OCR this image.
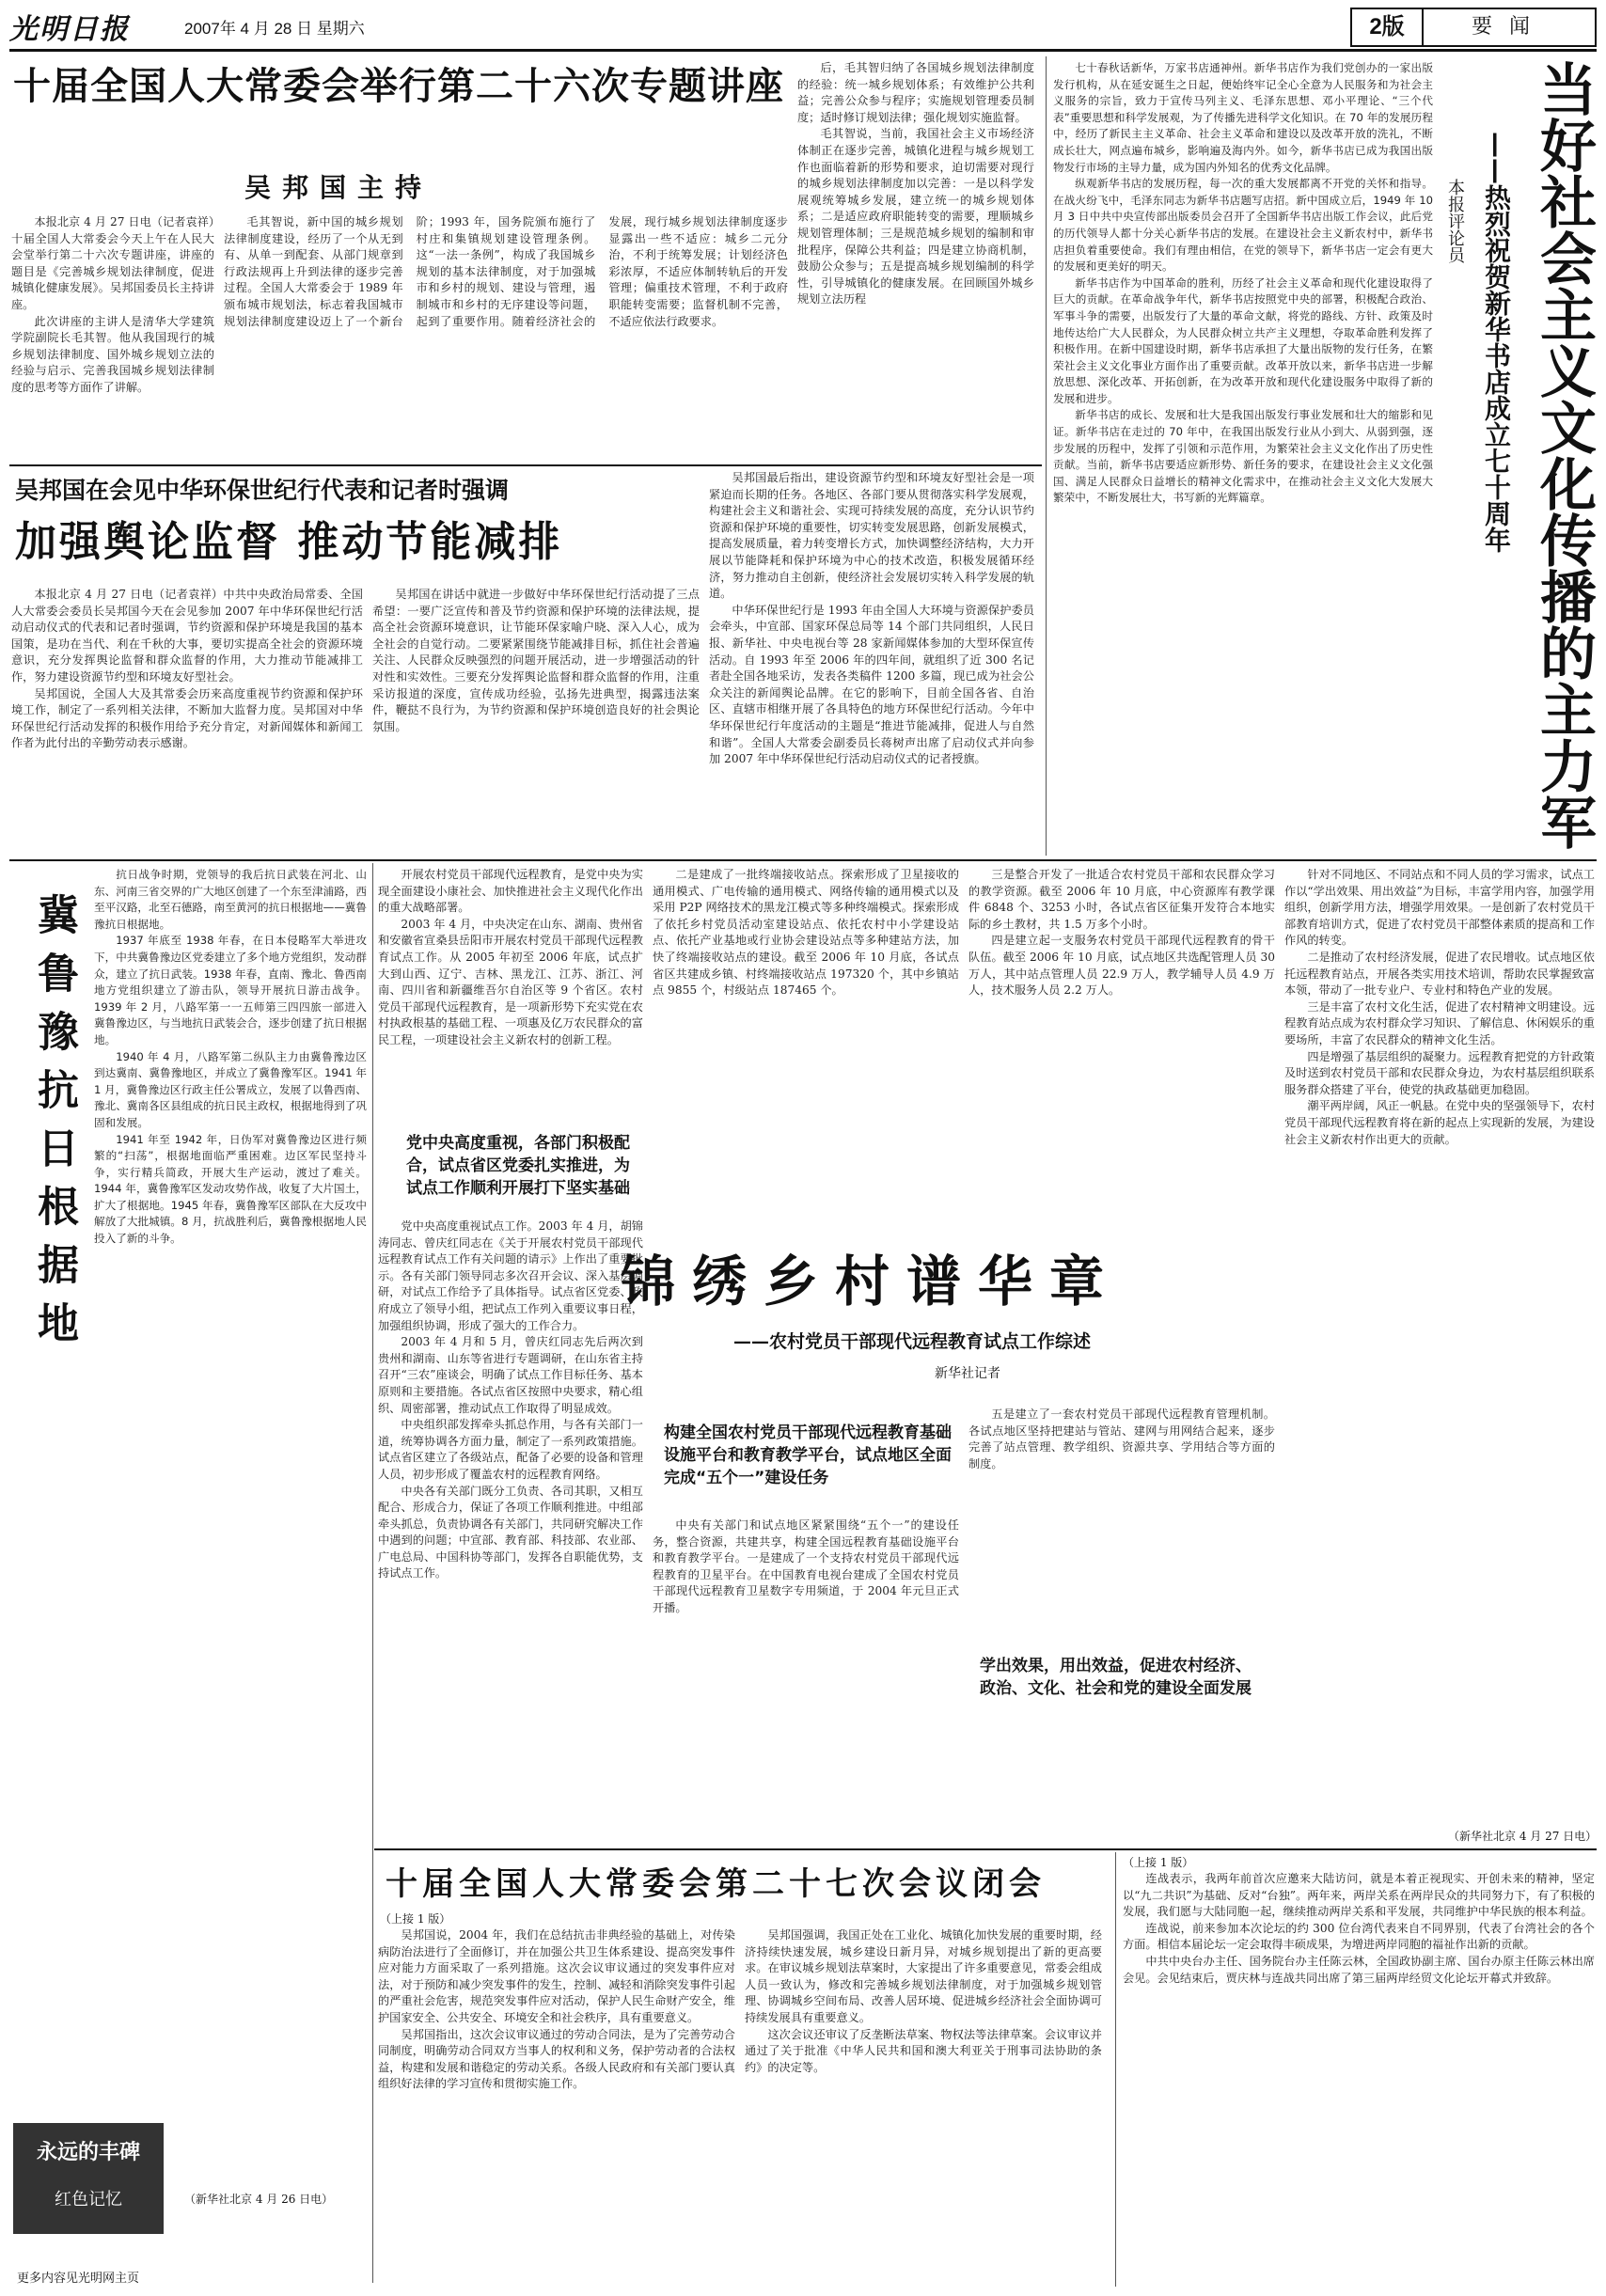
光明日报	2007年 4 月 28 日 星期六	2版	要闻
十届全国人大常委会举行第二十六次专题讲座
吴邦国主持

本报北京 4 月 27 日电（记者袁祥）十届全国人大常委会今天上午在人民大会堂举行第二十六次专题讲座，讲座的题目是《完善城乡规划法律制度，促进城镇化健康发展》。吴邦国委员长主持讲座。

此次讲座的主讲人是清华大学建筑学院副院长毛其智。他从我国现行的城乡规划法律制度、国外城乡规划立法的经验与启示、完善我国城乡规划法律制度的思考等方面作了讲解。

毛其智说，新中国的城乡规划法律制度建设，经历了一个从无到有、从单一到配套、从部门规章到行政法规再上升到法律的逐步完善过程。全国人大常委会于 1989 年颁布城市规划法，标志着我国城市规划法律制度建设迈上了一个新台阶；1993 年，国务院颁布施行了村庄和集镇规划建设管理条例。这“一法一条例”，构成了我国城乡规划的基本法律制度，对于加强城市和乡村的规划、建设与管理，遏制城市和乡村的无序建设等问题，起到了重要作用。随着经济社会的发展，现行城乡规划法律制度逐步显露出一些不适应：城乡二元分治，不利于统筹发展；计划经济色彩浓厚，不适应体制转轨后的开发管理；偏重技术管理，不利于政府职能转变需要；监督机制不完善，不适应依法行政要求。

后，毛其智归纳了各国城乡规划法律制度的经验：统一城乡规划体系；有效维护公共利益；完善公众参与程序；实施规划管理委员制度；适时修订规划法律；强化规划实施监督。

毛其智说，当前，我国社会主义市场经济体制正在逐步完善，城镇化进程与城乡规划工作也面临着新的形势和要求，迫切需要对现行的城乡规划法律制度加以完善：一是以科学发展观统筹城乡发展，建立统一的城乡规划体系；二是适应政府职能转变的需要，理顺城乡规划管理体制；三是规范城乡规划的编制和审批程序，保障公共利益；四是建立协商机制，鼓励公众参与；五是提高城乡规划编制的科学性，引导城镇化的健康发展。在回顾国外城乡规划立法历程

吴邦国在会见中华环保世纪行代表和记者时强调
加强舆论监督 推动节能减排

本报北京 4 月 27 日电（记者袁祥）中共中央政治局常委、全国人大常委会委员长吴邦国今天在会见参加 2007 年中华环保世纪行活动启动仪式的代表和记者时强调，节约资源和保护环境是我国的基本国策，是功在当代、利在千秋的大事，要切实提高全社会的资源环境意识，充分发挥舆论监督和群众监督的作用，大力推动节能减排工作，努力建设资源节约型和环境友好型社会。

吴邦国说，全国人大及其常委会历来高度重视节约资源和保护环境工作，制定了一系列相关法律，不断加大监督力度。吴邦国对中华环保世纪行活动发挥的积极作用给予充分肯定，对新闻媒体和新闻工作者为此付出的辛勤劳动表示感谢。

吴邦国在讲话中就进一步做好中华环保世纪行活动提了三点希望：一要广泛宣传和普及节约资源和保护环境的法律法规，提高全社会资源环境意识，让节能环保家喻户晓、深入人心，成为全社会的自觉行动。二要紧紧围绕节能减排目标，抓住社会普遍关注、人民群众反映强烈的问题开展活动，进一步增强活动的针对性和实效性。三要充分发挥舆论监督和群众监督的作用，注重采访报道的深度，宣传成功经验，弘扬先进典型，揭露违法案件，鞭挞不良行为，为节约资源和保护环境创造良好的社会舆论氛围。

吴邦国最后指出，建设资源节约型和环境友好型社会是一项紧迫而长期的任务。各地区、各部门要从贯彻落实科学发展观，构建社会主义和谐社会、实现可持续发展的高度，充分认识节约资源和保护环境的重要性，切实转变发展思路，创新发展模式，提高发展质量，着力转变增长方式，加快调整经济结构，大力开展以节能降耗和保护环境为中心的技术改造，积极发展循环经济，努力推动自主创新，使经济社会发展切实转入科学发展的轨道。

中华环保世纪行是 1993 年由全国人大环境与资源保护委员会牵头，中宣部、国家环保总局等 14 个部门共同组织，人民日报、新华社、中央电视台等 28 家新闻媒体参加的大型环保宣传活动。自 1993 年至 2006 年的四年间，就组织了近 300 名记者赴全国各地采访，发表各类稿件 1200 多篇，现已成为社会公众关注的新闻舆论品牌。在它的影响下，目前全国各省、自治区、直辖市相继开展了各具特色的地方环保世纪行活动。今年中华环保世纪行年度活动的主题是“推进节能减排，促进人与自然和谐”。全国人大常委会副委员长蒋树声出席了启动仪式并向参加 2007 年中华环保世纪行活动启动仪式的记者授旗。

七十春秋话新华，万家书店通神州。新华书店作为我们党创办的一家出版发行机构，从在延安诞生之日起，便始终牢记全心全意为人民服务和为社会主义服务的宗旨，致力于宣传马列主义、毛泽东思想、邓小平理论、“三个代表”重要思想和科学发展观，为了传播先进科学文化知识。在 70 年的发展历程中，经历了新民主主义革命、社会主义革命和建设以及改革开放的洗礼，不断成长壮大，网点遍布城乡，影响遍及海内外。如今，新华书店已成为我国出版物发行市场的主导力量，成为国内外知名的优秀文化品牌。

纵观新华书店的发展历程，每一次的重大发展都离不开党的关怀和指导。在战火纷飞中，毛泽东同志为新华书店题写店招。新中国成立后，1949 年 10 月 3 日中共中央宣传部出版委员会召开了全国新华书店出版工作会议，此后党的历代领导人都十分关心新华书店的发展。在建设社会主义新农村中，新华书店担负着重要使命。我们有理由相信，在党的领导下，新华书店一定会有更大的发展和更美好的明天。

新华书店作为中国革命的胜利，历经了社会主义革命和现代化建设取得了巨大的贡献。在革命战争年代，新华书店按照党中央的部署，积极配合政治、军事斗争的需要，出版发行了大量的革命文献，将党的路线、方针、政策及时地传达给广大人民群众，为人民群众树立共产主义理想，夺取革命胜利发挥了积极作用。在新中国建设时期，新华书店承担了大量出版物的发行任务，在繁荣社会主义文化事业方面作出了重要贡献。改革开放以来，新华书店进一步解放思想、深化改革、开拓创新，在为改革开放和现代化建设服务中取得了新的发展和进步。

新华书店的成长、发展和壮大是我国出版发行事业发展和壮大的缩影和见证。新华书店在走过的 70 年中，在我国出版发行业从小到大、从弱到强，逐步发展的历程中，发挥了引领和示范作用，为繁荣社会主义文化作出了历史性贡献。当前，新华书店要适应新形势、新任务的要求，在建设社会主义文化强国、满足人民群众日益增长的精神文化需求中，在推动社会主义文化大发展大繁荣中，不断发展壮大，书写新的光辉篇章。	当好社会主义文化传播的主力军
——热烈祝贺新华书店成立七十周年
本报评论员
冀鲁豫抗日根据地

抗日战争时期，党领导的我后抗日武装在河北、山东、河南三省交界的广大地区创建了一个东至津浦路，西至平汉路，北至石德路，南至黄河的抗日根据地——冀鲁豫抗日根据地。

1937 年底至 1938 年春，在日本侵略军大举进攻下，中共冀鲁豫边区党委建立了多个地方党组织，发动群众，建立了抗日武装。1938 年春，直南、豫北、鲁西南地方党组织建立了游击队，领导开展抗日游击战争。1939 年 2 月，八路军第一一五师第三四四旅一部进入冀鲁豫边区，与当地抗日武装会合，逐步创建了抗日根据地。

1940 年 4 月，八路军第二纵队主力由冀鲁豫边区到达冀南、冀鲁豫地区，并成立了冀鲁豫军区。1941 年 1 月，冀鲁豫边区行政主任公署成立，发展了以鲁西南、豫北、冀南各区县组成的抗日民主政权，根据地得到了巩固和发展。

1941 年至 1942 年，日伪军对冀鲁豫边区进行频繁的“扫荡”，根据地面临严重困难。边区军民坚持斗争，实行精兵简政，开展大生产运动，渡过了难关。1944 年，冀鲁豫军区发动攻势作战，收复了大片国土，扩大了根据地。1945 年春，冀鲁豫军区部队在大反攻中解放了大批城镇。8 月，抗战胜利后，冀鲁豫根据地人民投入了新的斗争。

（新华社北京 4 月 26 日电）
永远的丰碑
红色记忆
更多内容见光明网主页

开展农村党员干部现代远程教育，是党中央为实现全面建设小康社会、加快推进社会主义现代化作出的重大战略部署。

2003 年 4 月，中央决定在山东、湖南、贵州省和安徽省宣桑县岳阳市开展农村党员干部现代远程教育试点工作。从 2005 年初至 2006 年底，试点扩大到山西、辽宁、吉林、黑龙江、江苏、浙江、河南、四川省和新疆维吾尔自治区等 9 个省区。农村党员干部现代远程教育，是一项新形势下充实党在农村执政根基的基础工程、一项惠及亿万农民群众的富民工程，一项建设社会主义新农村的创新工程。

党中央高度重视，各部门积极配合，试点省区党委扎实推进，为试点工作顺利开展打下坚实基础

党中央高度重视试点工作。2003 年 4 月，胡锦涛同志、曾庆红同志在《关于开展农村党员干部现代远程教育试点工作有关问题的请示》上作出了重要批示。各有关部门领导同志多次召开会议、深入基层调研，对试点工作给予了具体指导。试点省区党委、政府成立了领导小组，把试点工作列入重要议事日程，加强组织协调，形成了强大的工作合力。

2003 年 4 月和 5 月，曾庆红同志先后两次到贵州和湖南、山东等省进行专题调研，在山东省主持召开“三农”座谈会，明确了试点工作目标任务、基本原则和主要措施。各试点省区按照中央要求，精心组织、周密部署，推动试点工作取得了明显成效。

中央组织部发挥牵头抓总作用，与各有关部门一道，统筹协调各方面力量，制定了一系列政策措施。试点省区建立了各级站点，配备了必要的设备和管理人员，初步形成了覆盖农村的远程教育网络。

中央各有关部门既分工负责、各司其职，又相互配合、形成合力，保证了各项工作顺利推进。中组部牵头抓总，负责协调各有关部门，共同研究解决工作中遇到的问题；中宣部、教育部、科技部、农业部、广电总局、中国科协等部门，发挥各自职能优势，支持试点工作。

二是建成了一批终端接收站点。探索形成了卫星接收的通用模式、广电传输的通用模式、网络传输的通用模式以及采用 P2P 网络技术的黑龙江模式等多种终端模式。探索形成了依托乡村党员活动室建设站点、依托农村中小学建设站点、依托产业基地或行业协会建设站点等多种建站方法，加快了终端接收站点的建设。截至 2006 年 10 月底，各试点省区共建成乡镇、村终端接收站点 197320 个，其中乡镇站点 9855 个，村级站点 187465 个。

三是整合开发了一批适合农村党员干部和农民群众学习的教学资源。截至 2006 年 10 月底，中心资源库有教学课件 6848 个、3253 小时，各试点省区征集开发符合本地实际的乡土教材，共 1.5 万多个小时。

四是建立起一支服务农村党员干部现代远程教育的骨干队伍。截至 2006 年 10 月底，试点地区共选配管理人员 30 万人，其中站点管理人员 22.9 万人，教学辅导人员 4.9 万人，技术服务人员 2.2 万人。

针对不同地区、不同站点和不同人员的学习需求，试点工作以“学出效果、用出效益”为目标，丰富学用内容，加强学用组织，创新学用方法，增强学用效果。一是创新了农村党员干部教育培训方式，促进了农村党员干部整体素质的提高和工作作风的转变。

二是推动了农村经济发展，促进了农民增收。试点地区依托远程教育站点，开展各类实用技术培训，帮助农民掌握致富本领，带动了一批专业户、专业村和特色产业的发展。

三是丰富了农村文化生活，促进了农村精神文明建设。远程教育站点成为农村群众学习知识、了解信息、休闲娱乐的重要场所，丰富了农民群众的精神文化生活。

四是增强了基层组织的凝聚力。远程教育把党的方针政策及时送到农村党员干部和农民群众身边，为农村基层组织联系服务群众搭建了平台，使党的执政基础更加稳固。

潮平两岸阔，风正一帆悬。在党中央的坚强领导下，农村党员干部现代远程教育将在新的起点上实现新的发展，为建设社会主义新农村作出更大的贡献。

（新华社北京 4 月 27 日电）
锦绣乡村谱华章
——农村党员干部现代远程教育试点工作综述
新华社记者
构建全国农村党员干部现代远程教育基础设施平台和教育教学平台，试点地区全面完成“五个一”建设任务

中央有关部门和试点地区紧紧围绕“五个一”的建设任务，整合资源，共建共享，构建全国远程教育基础设施平台和教育教学平台。一是建成了一个支持农村党员干部现代远程教育的卫星平台。在中国教育电视台建成了全国农村党员干部现代远程教育卫星数字专用频道，于 2004 年元旦正式开播。

五是建立了一套农村党员干部现代远程教育管理机制。各试点地区坚持把建站与管站、建网与用网结合起来，逐步完善了站点管理、教学组织、资源共享、学用结合等方面的制度。

学出效果，用出效益，促进农村经济、政治、文化、社会和党的建设全面发展
十届全国人大常委会第二十七次会议闭会
（上接 1 版）

吴邦国说，2004 年，我们在总结抗击非典经验的基础上，对传染病防治法进行了全面修订，并在加强公共卫生体系建设、提高突发事件应对能力方面采取了一系列措施。这次会议审议通过的突发事件应对法，对于预防和减少突发事件的发生，控制、减轻和消除突发事件引起的严重社会危害，规范突发事件应对活动，保护人民生命财产安全，维护国家安全、公共安全、环境安全和社会秩序，具有重要意义。

吴邦国指出，这次会议审议通过的劳动合同法，是为了完善劳动合同制度，明确劳动合同双方当事人的权利和义务，保护劳动者的合法权益，构建和发展和谐稳定的劳动关系。各级人民政府和有关部门要认真组织好法律的学习宣传和贯彻实施工作。

吴邦国强调，我国正处在工业化、城镇化加快发展的重要时期，经济持续快速发展，城乡建设日新月异，对城乡规划提出了新的更高要求。在审议城乡规划法草案时，大家提出了许多重要意见，常委会组成人员一致认为，修改和完善城乡规划法律制度，对于加强城乡规划管理、协调城乡空间布局、改善人居环境、促进城乡经济社会全面协调可持续发展具有重要意义。

这次会议还审议了反垄断法草案、物权法等法律草案。会议审议并通过了关于批准《中华人民共和国和澳大利亚关于刑事司法协助的条约》的决定等。

（上接 1 版）

连战表示，我两年前首次应邀来大陆访问，就是本着正视现实、开创未来的精神，坚定以“九二共识”为基础、反对“台独”。两年来，两岸关系在两岸民众的共同努力下，有了积极的发展，我们愿与大陆同胞一起，继续推动两岸关系和平发展，共同维护中华民族的根本利益。

连战说，前来参加本次论坛的约 300 位台湾代表来自不同界别，代表了台湾社会的各个方面。相信本届论坛一定会取得丰硕成果，为增进两岸同胞的福祉作出新的贡献。

中共中央台办主任、国务院台办主任陈云林，全国政协副主席、国台办原主任陈云林出席会见。会见结束后，贾庆林与连战共同出席了第三届两岸经贸文化论坛开幕式并致辞。
